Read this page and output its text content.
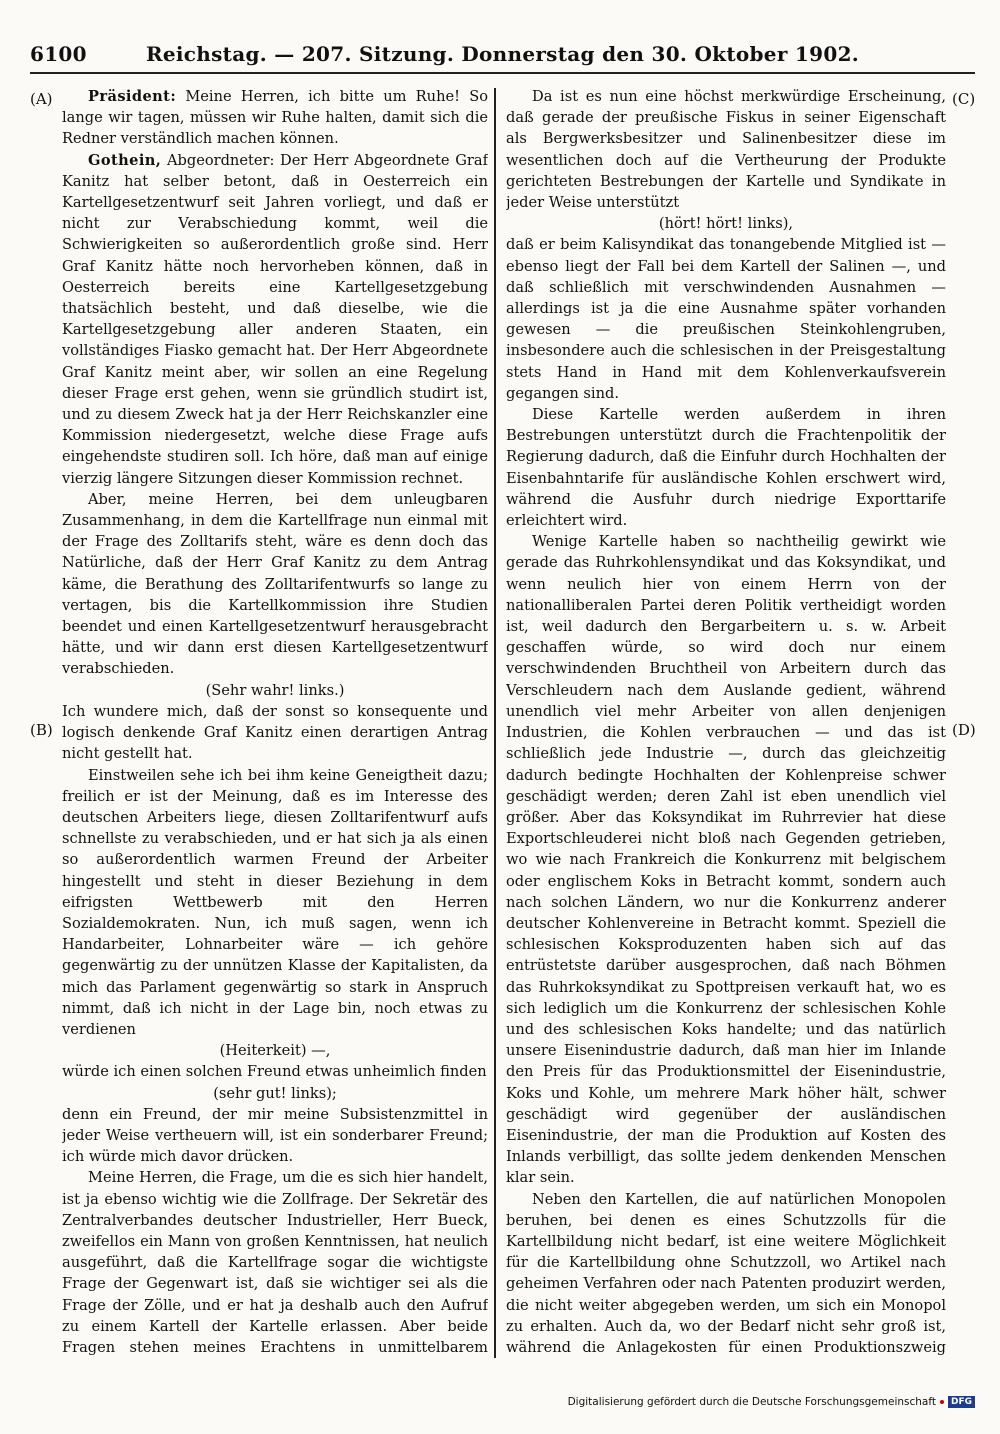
6100	Reichstag. — 207. Sitzung. Donnerstag den 30. Oktober 1902.
(A)
(B)
(C)
(D)

Präsident: Meine Herren, ich bitte um Ruhe! So lange wir tagen, müssen wir Ruhe halten, damit sich die Redner verständlich machen können.

Gothein, Abgeordneter: Der Herr Abgeordnete Graf Kanitz hat selber betont, daß in Oesterreich ein Kartellgesetzentwurf seit Jahren vorliegt, und daß er nicht zur Verabschiedung kommt, weil die Schwierigkeiten so außerordentlich große sind. Herr Graf Kanitz hätte noch hervorheben können, daß in Oesterreich bereits eine Kartellgesetzgebung thatsächlich besteht, und daß dieselbe, wie die Kartellgesetzgebung aller anderen Staaten, ein vollständiges Fiasko gemacht hat. Der Herr Abgeordnete Graf Kanitz meint aber, wir sollen an eine Regelung dieser Frage erst gehen, wenn sie gründlich studirt ist, und zu diesem Zweck hat ja der Herr Reichskanzler eine Kommission niedergesetzt, welche diese Frage aufs eingehendste studiren soll. Ich höre, daß man auf einige vierzig längere Sitzungen dieser Kommission rechnet.

Aber, meine Herren, bei dem unleugbaren Zusammenhang, in dem die Kartellfrage nun einmal mit der Frage des Zolltarifs steht, wäre es denn doch das Natürliche, daß der Herr Graf Kanitz zu dem Antrag käme, die Berathung des Zolltarifentwurfs so lange zu vertagen, bis die Kartellkommission ihre Studien beendet und einen Kartellgesetzentwurf herausgebracht hätte, und wir dann erst diesen Kartellgesetzentwurf verabschieden.

(Sehr wahr! links.)

Ich wundere mich, daß der sonst so konsequente und logisch denkende Graf Kanitz einen derartigen Antrag nicht gestellt hat.

Einstweilen sehe ich bei ihm keine Geneigtheit dazu; freilich er ist der Meinung, daß es im Interesse des deutschen Arbeiters liege, diesen Zolltarifentwurf aufs schnellste zu verabschieden, und er hat sich ja als einen so außerordentlich warmen Freund der Arbeiter hingestellt und steht in dieser Beziehung in dem eifrigsten Wettbewerb mit den Herren Sozialdemokraten. Nun, ich muß sagen, wenn ich Handarbeiter, Lohnarbeiter wäre — ich gehöre gegenwärtig zu der unnützen Klasse der Kapitalisten, da mich das Parlament gegenwärtig so stark in Anspruch nimmt, daß ich nicht in der Lage bin, noch etwas zu verdienen

(Heiterkeit) —,

würde ich einen solchen Freund etwas unheimlich finden

(sehr gut! links);

denn ein Freund, der mir meine Subsistenzmittel in jeder Weise vertheuern will, ist ein sonderbarer Freund; ich würde mich davor drücken.

Meine Herren, die Frage, um die es sich hier handelt, ist ja ebenso wichtig wie die Zollfrage. Der Sekretär des Zentralverbandes deutscher Industrieller, Herr Bueck, zweifellos ein Mann von großen Kenntnissen, hat neulich ausgeführt, daß die Kartellfrage sogar die wichtigste Frage der Gegenwart ist, daß sie wichtiger sei als die Frage der Zölle, und er hat ja deshalb auch den Aufruf zu einem Kartell der Kartelle erlassen. Aber beide Fragen stehen meines Erachtens in unmittelbarem

Da ist es nun eine höchst merkwürdige Erscheinung, daß gerade der preußische Fiskus in seiner Eigenschaft als Bergwerksbesitzer und Salinenbesitzer diese im wesentlichen doch auf die Vertheurung der Produkte gerichteten Bestrebungen der Kartelle und Syndikate in jeder Weise unterstützt

(hört! hört! links),

daß er beim Kalisyndikat das tonangebende Mitglied ist — ebenso liegt der Fall bei dem Kartell der Salinen —, und daß schließlich mit verschwindenden Ausnahmen — allerdings ist ja die eine Ausnahme später vorhanden gewesen — die preußischen Steinkohlengruben, insbesondere auch die schlesischen in der Preisgestaltung stets Hand in Hand mit dem Kohlenverkaufsverein gegangen sind.

Diese Kartelle werden außerdem in ihren Bestrebungen unterstützt durch die Frachtenpolitik der Regierung dadurch, daß die Einfuhr durch Hochhalten der Eisenbahntarife für ausländische Kohlen erschwert wird, während die Ausfuhr durch niedrige Exporttarife erleichtert wird.

Wenige Kartelle haben so nachtheilig gewirkt wie gerade das Ruhrkohlensyndikat und das Koksyndikat, und wenn neulich hier von einem Herrn von der nationalliberalen Partei deren Politik vertheidigt worden ist, weil dadurch den Bergarbeitern u. s. w. Arbeit geschaffen würde, so wird doch nur einem verschwindenden Bruchtheil von Arbeitern durch das Verschleudern nach dem Auslande gedient, während unendlich viel mehr Arbeiter von allen denjenigen Industrien, die Kohlen verbrauchen — und das ist schließlich jede Industrie —, durch das gleichzeitig dadurch bedingte Hochhalten der Kohlenpreise schwer geschädigt werden; deren Zahl ist eben unendlich viel größer. Aber das Koksyndikat im Ruhrrevier hat diese Exportschleuderei nicht bloß nach Gegenden getrieben, wo wie nach Frankreich die Konkurrenz mit belgischem oder englischem Koks in Betracht kommt, sondern auch nach solchen Ländern, wo nur die Konkurrenz anderer deutscher Kohlenvereine in Betracht kommt. Speziell die schlesischen Koksproduzenten haben sich auf das entrüstetste darüber ausgesprochen, daß nach Böhmen das Ruhrkoksyndikat zu Spottpreisen verkauft hat, wo es sich lediglich um die Konkurrenz der schlesischen Kohle und des schlesischen Koks handelte; und das natürlich unsere Eisenindustrie dadurch, daß man hier im Inlande den Preis für das Produktionsmittel der Eisenindustrie, Koks und Kohle, um mehrere Mark höher hält, schwer geschädigt wird gegenüber der ausländischen Eisenindustrie, der man die Produktion auf Kosten des Inlands verbilligt, das sollte jedem denkenden Menschen klar sein.

Neben den Kartellen, die auf natürlichen Monopolen beruhen, bei denen es eines Schutzzolls für die Kartellbildung nicht bedarf, ist eine weitere Möglichkeit für die Kartellbildung ohne Schutzzoll, wo Artikel nach geheimen Verfahren oder nach Patenten produzirt werden, die nicht weiter abgegeben werden, um sich ein Monopol zu erhalten. Auch da, wo der Bedarf nicht sehr groß ist, während die Anlagekosten für einen Produktionszweig

Digitalisierung gefördert durch die Deutsche Forschungsgemeinschaft	DFG
